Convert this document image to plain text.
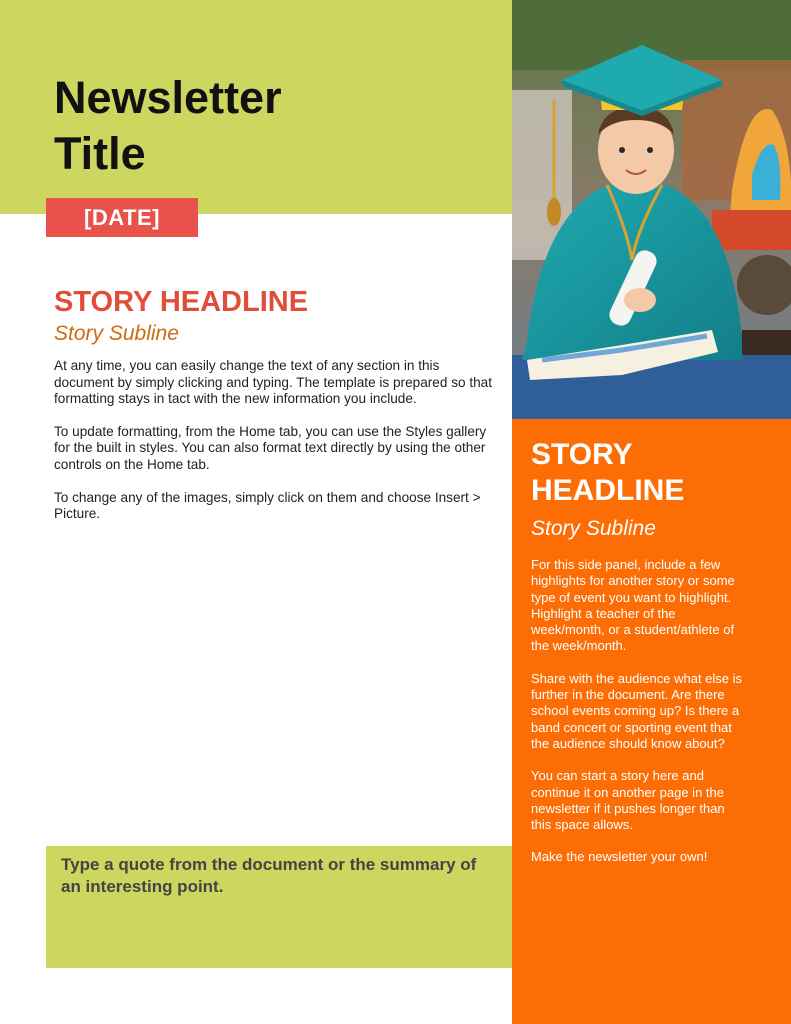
Newsletter Title
[DATE]
STORY HEADLINE
Story Subline

At any time, you can easily change the text of any section in this document by simply clicking and typing. The template is prepared so that formatting stays in tact with the new information you include.

To update formatting, from the Home tab, you can use the Styles gallery for the built in styles. You can also format text directly by using the other controls on the Home tab.

To change any of the images, simply click on them and choose Insert > Picture.

Type a quote from the document or the summary of an interesting point.

STORY HEADLINE
Story Subline

For this side panel, include a few highlights for another story or some type of event you want to highlight. Highlight a teacher of the week/month, or a student/athlete of the week/month.

Share with the audience what else is further in the document. Are there school events coming up? Is there a band concert or sporting event that the audience should know about?

You can start a story here and continue it on another page in the newsletter if it pushes longer than this space allows.

Make the newsletter your own!
